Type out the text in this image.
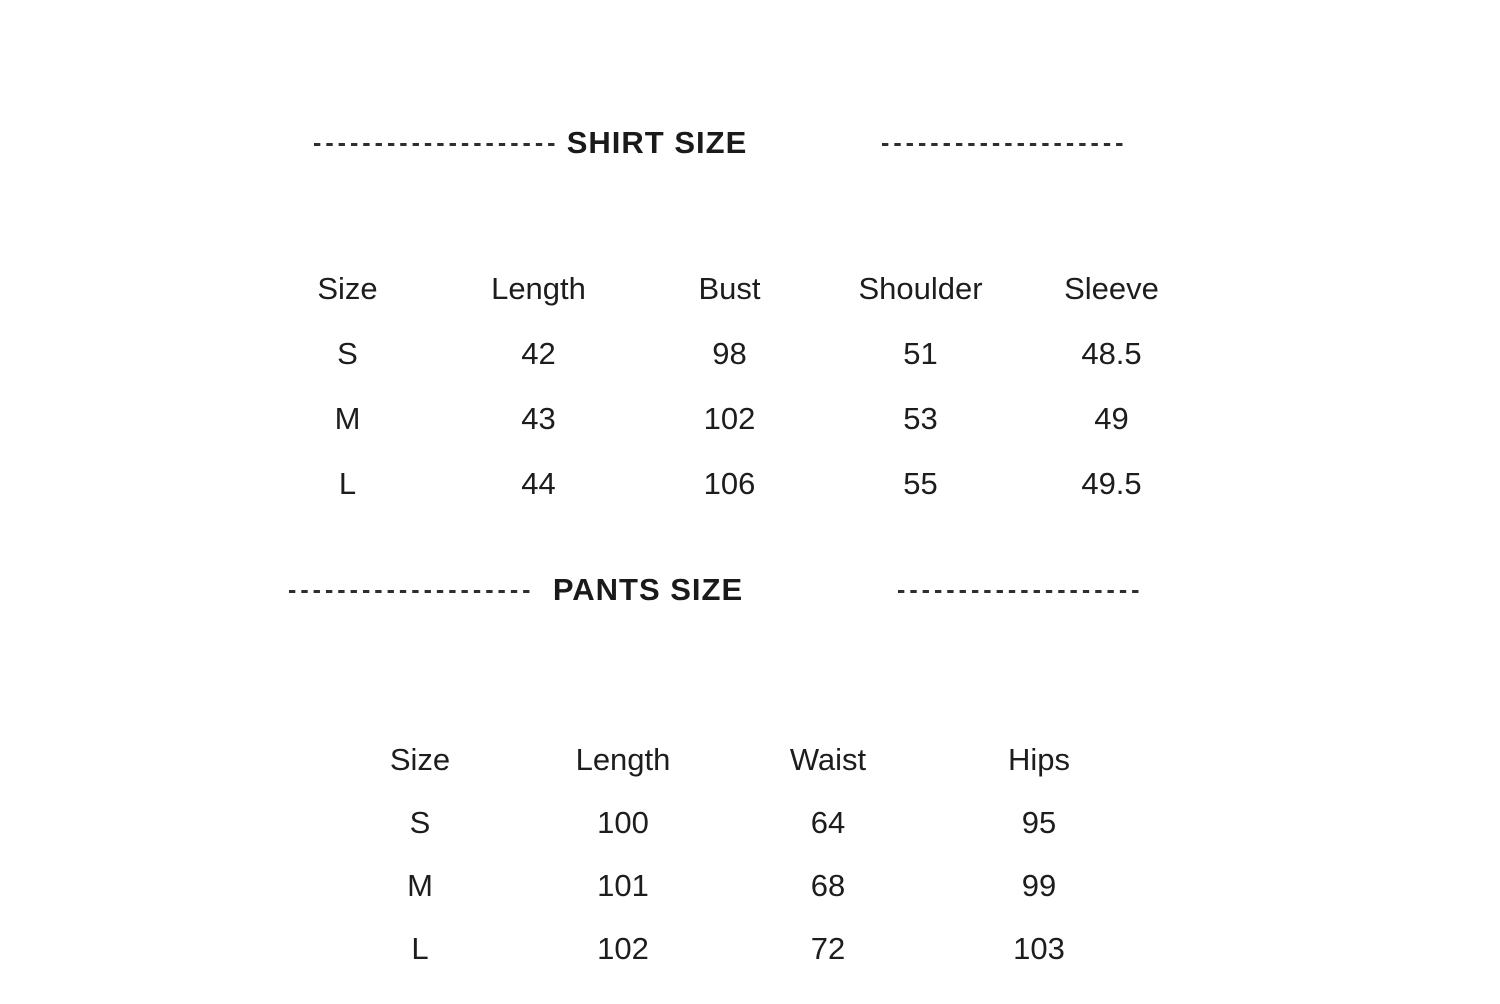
-------------------- SHIRT SIZE	--------------------
Size	Length	Bust	Shoulder	Sleeve
S	42	98	51	48.5
M	43	102	53	49
L	44	106	55	49.5
-------------------- PANTS SIZE	--------------------
Size	Length	Waist	Hips
S	100	64	95
M	101	68	99
L	102	72	103
